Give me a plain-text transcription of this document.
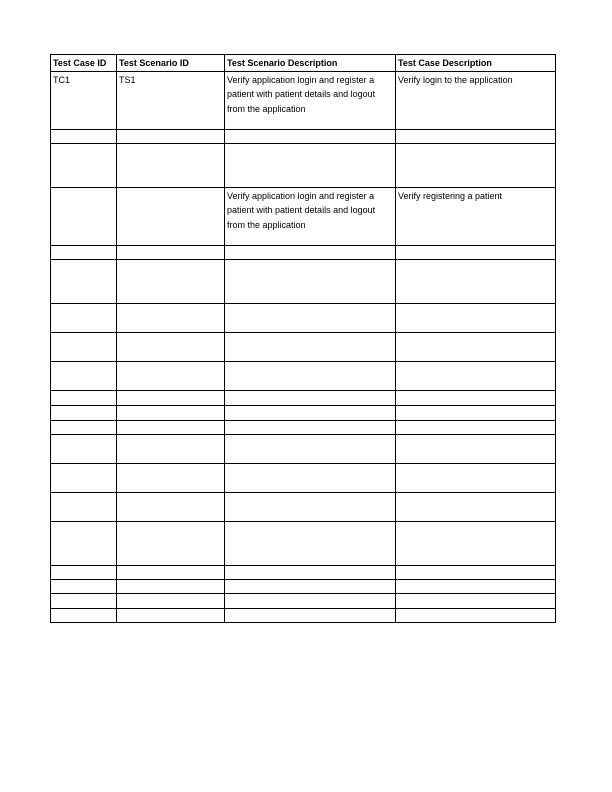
Test Case ID	Test Scenario ID	Test Scenario Description	Test Case Description
TC1	TS1	Verify application login and register a patient with patient details and logout from the application	Verify login to the application

		Verify application login and register a patient with patient details and logout from the application	Verify registering a patient
